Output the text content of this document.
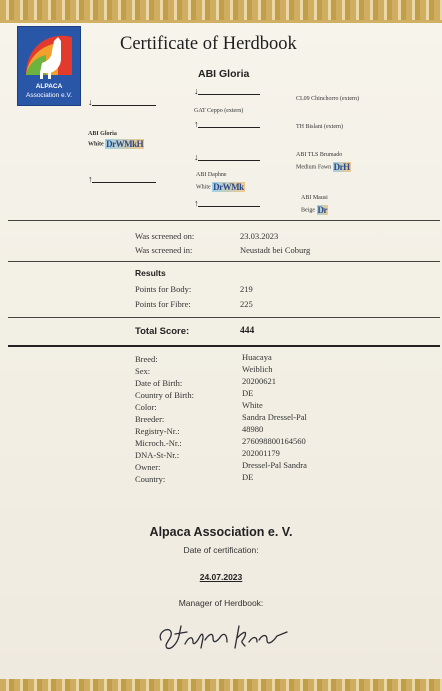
ALPACA
Association e.V.
Certificate of Herdbook
ABI Gloria
↓
CL09 Chinchorro (extern)
↓
GAT Ceppo (extern)
↑	TH Bislani (extern)
ABI Gloria
White DrWMkH
ABI TLS Brumado
↓
Medium Fawn DrH
ABI Daphne
↑
White DrWMk
ABI Mausi
↑
Beige Dr
Was screened on:	23.03.2023
Was screened in:	Neustadt bei Coburg
Results
Points for Body:	219
Points for Fibre:	225
Total Score:	444
Breed:	Huacaya
Sex:	Weiblich
Date of Birth:	20200621
Country of Birth:	DE
Color:	White
Breeder:	Sandra Dressel-Pal
Registry-Nr.:	48980
Microch.-Nr.:	276098800164560
DNA-St-Nr.:	202001179
Owner:	Dressel-Pal Sandra
Country:	DE
Alpaca Association e. V.
Date of certification:
24.07.2023
Manager of Herdbook:
